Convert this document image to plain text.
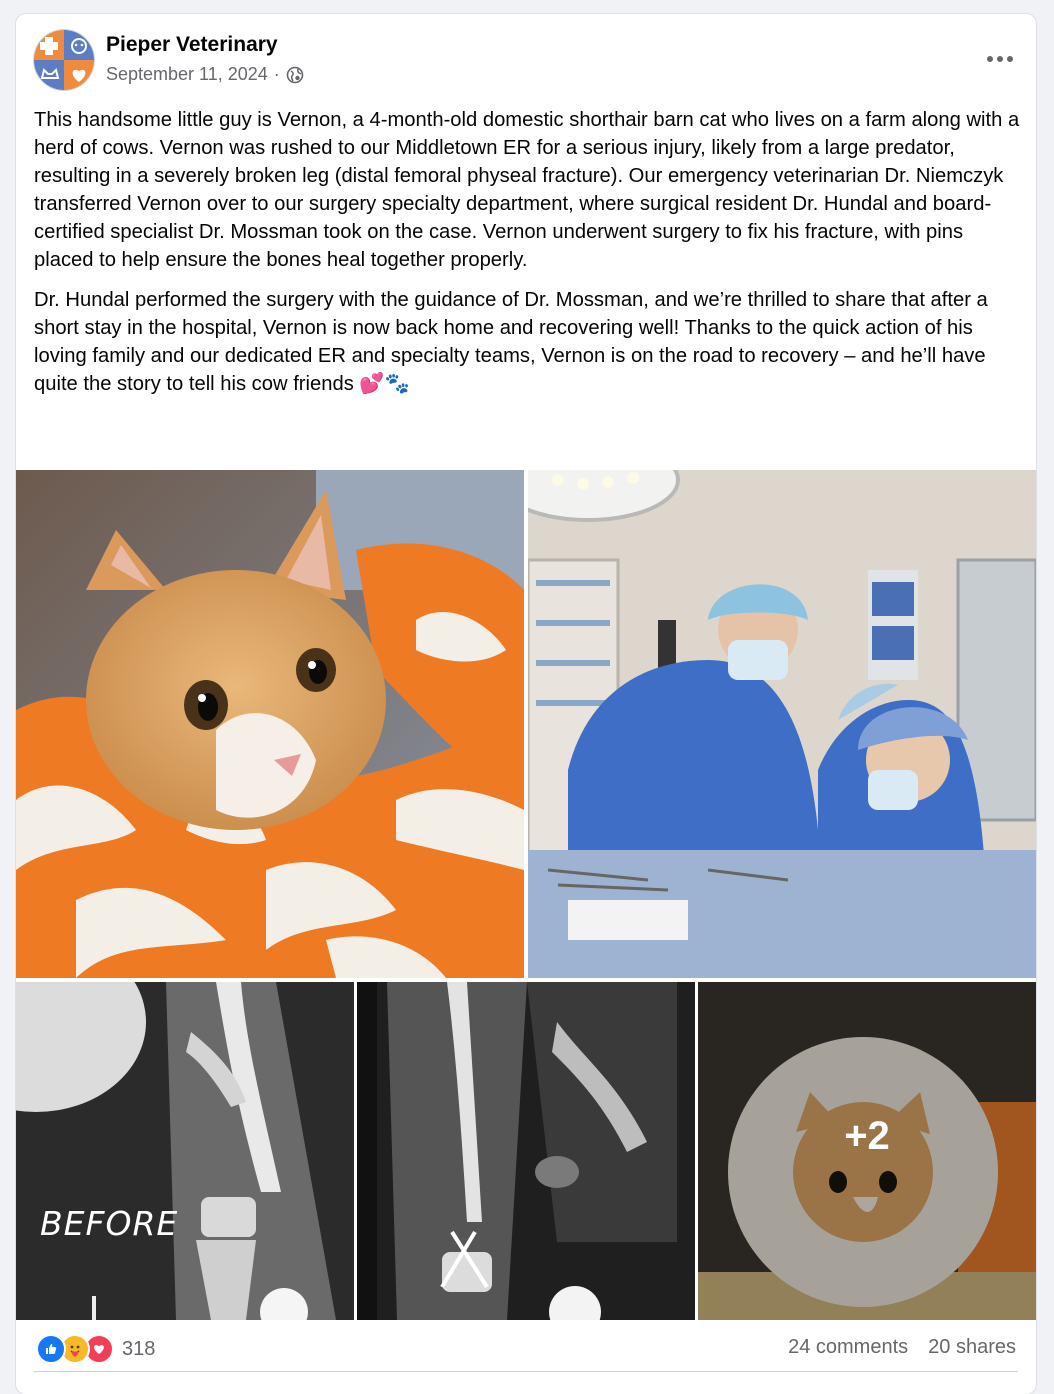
Pieper Veterinary
September 11, 2024 ·

This handsome little guy is Vernon, a 4-month-old domestic shorthair barn cat who lives on a farm along with a herd of cows. Vernon was rushed to our Middletown ER for a serious injury, likely from a large predator, resulting in a severely broken leg (distal femoral physeal fracture). Our emergency veterinarian Dr. Niemczyk transferred Vernon over to our surgery specialty department, where surgical resident Dr. Hundal and board-certified specialist Dr. Mossman took on the case. Vernon underwent surgery to fix his fracture, with pins placed to help ensure the bones heal together properly.

Dr. Hundal performed the surgery with the guidance of Dr. Mossman, and we’re thrilled to share that after a short stay in the hospital, Vernon is now back home and recovering well! Thanks to the quick action of his loving family and our dedicated ER and specialty teams, Vernon is on the road to recovery – and he’ll have quite the story to tell his cow friends 💕🐾

BEFORE
+2
318	24 comments 20 shares
